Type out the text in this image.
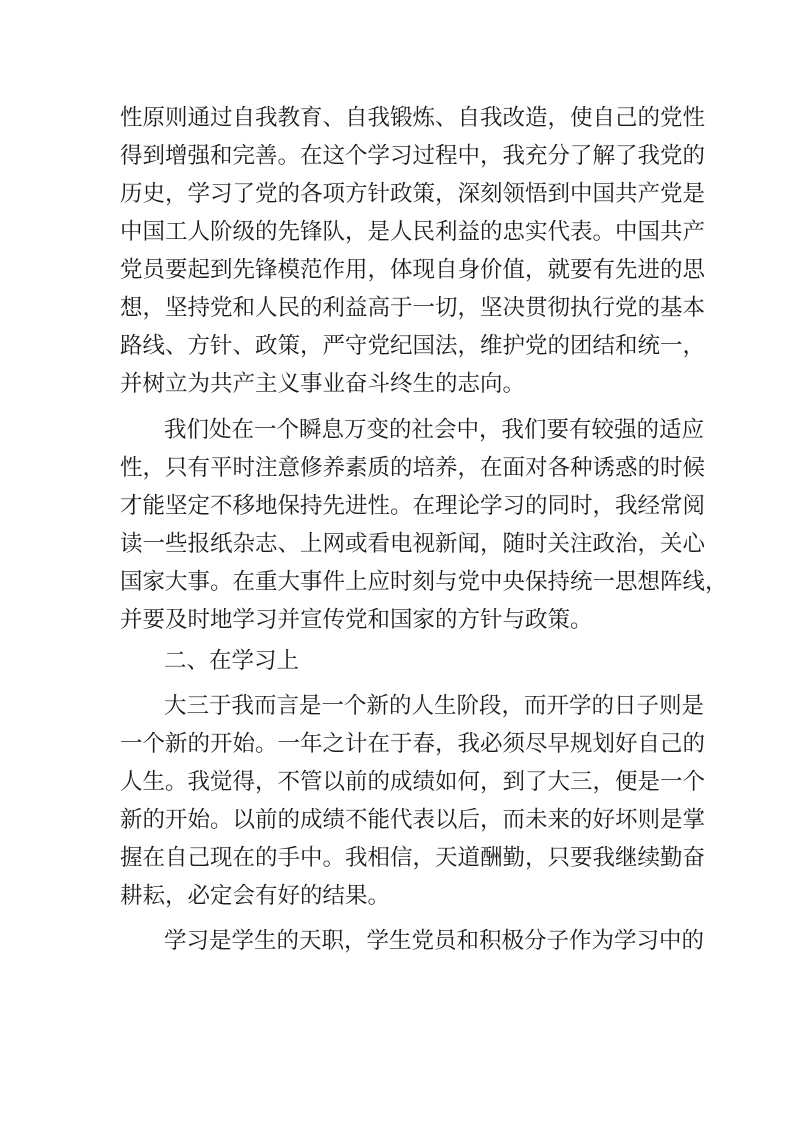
性原则通过自我教育、自我锻炼、自我改造，使自己的党性

得到增强和完善。在这个学习过程中，我充分了解了我党的

历史，学习了党的各项方针政策，深刻领悟到中国共产党是

中国工人阶级的先锋队，是人民利益的忠实代表。中国共产

党员要起到先锋模范作用，体现自身价值，就要有先进的思

想，坚持党和人民的利益高于一切，坚决贯彻执行党的基本

路线、方针、政策，严守党纪国法，维护党的团结和统一，

并树立为共产主义事业奋斗终生的志向。

我们处在一个瞬息万变的社会中，我们要有较强的适应

性，只有平时注意修养素质的培养，在面对各种诱惑的时候

才能坚定不移地保持先进性。在理论学习的同时，我经常阅

读一些报纸杂志、上网或看电视新闻，随时关注政治，关心

国家大事。在重大事件上应时刻与党中央保持统一思想阵线，

并要及时地学习并宣传党和国家的方针与政策。

二、在学习上

大三于我而言是一个新的人生阶段，而开学的日子则是

一个新的开始。一年之计在于春，我必须尽早规划好自己的

人生。我觉得，不管以前的成绩如何，到了大三，便是一个

新的开始。以前的成绩不能代表以后，而未来的好坏则是掌

握在自己现在的手中。我相信，天道酬勤，只要我继续勤奋

耕耘，必定会有好的结果。

学习是学生的天职，学生党员和积极分子作为学习中的
